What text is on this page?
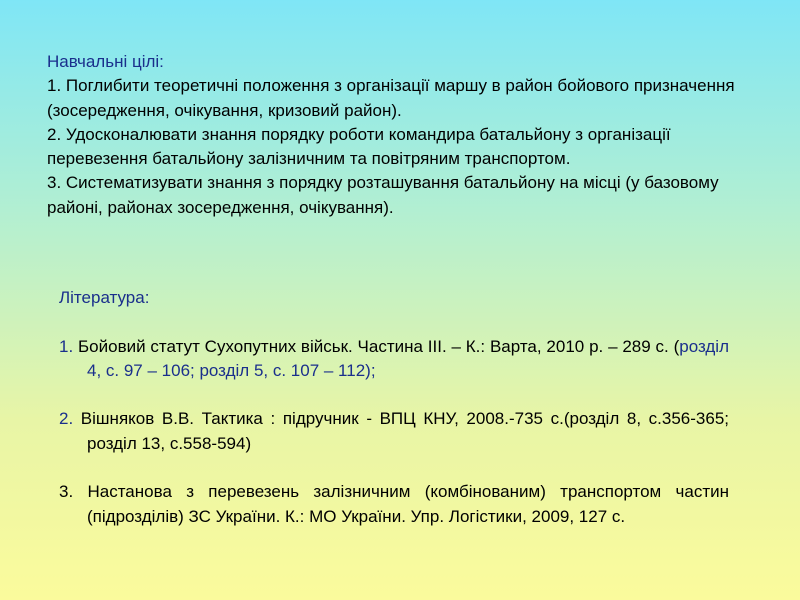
Навчальні цілі:
1. Поглибити теоретичні положення з організації маршу в район бойового призначення (зосередження, очікування, кризовий район).
2. Удосконалювати знання порядку роботи командира батальйону з організації перевезення батальйону залізничним та повітряним транспортом.
3. Систематизувати знання з порядку розташування батальйону на місці (у базовому районі, районах зосередження, очікування).
Література:
1. Бойовий статут Сухопутних військ. Частина ІІІ. – К.: Варта, 2010 р. – 289 с. (розділ 4, с. 97 – 106; розділ 5, с. 107 – 112);
2. Вішняков В.В. Тактика : підручник - ВПЦ КНУ, 2008.-735 с.(розділ 8, с.356-365; розділ 13, с.558-594)
3. Настанова з перевезень залізничним (комбінованим) транспортом частин (підрозділів) ЗС України. К.: МО України. Упр. Логістики, 2009, 127 с.
